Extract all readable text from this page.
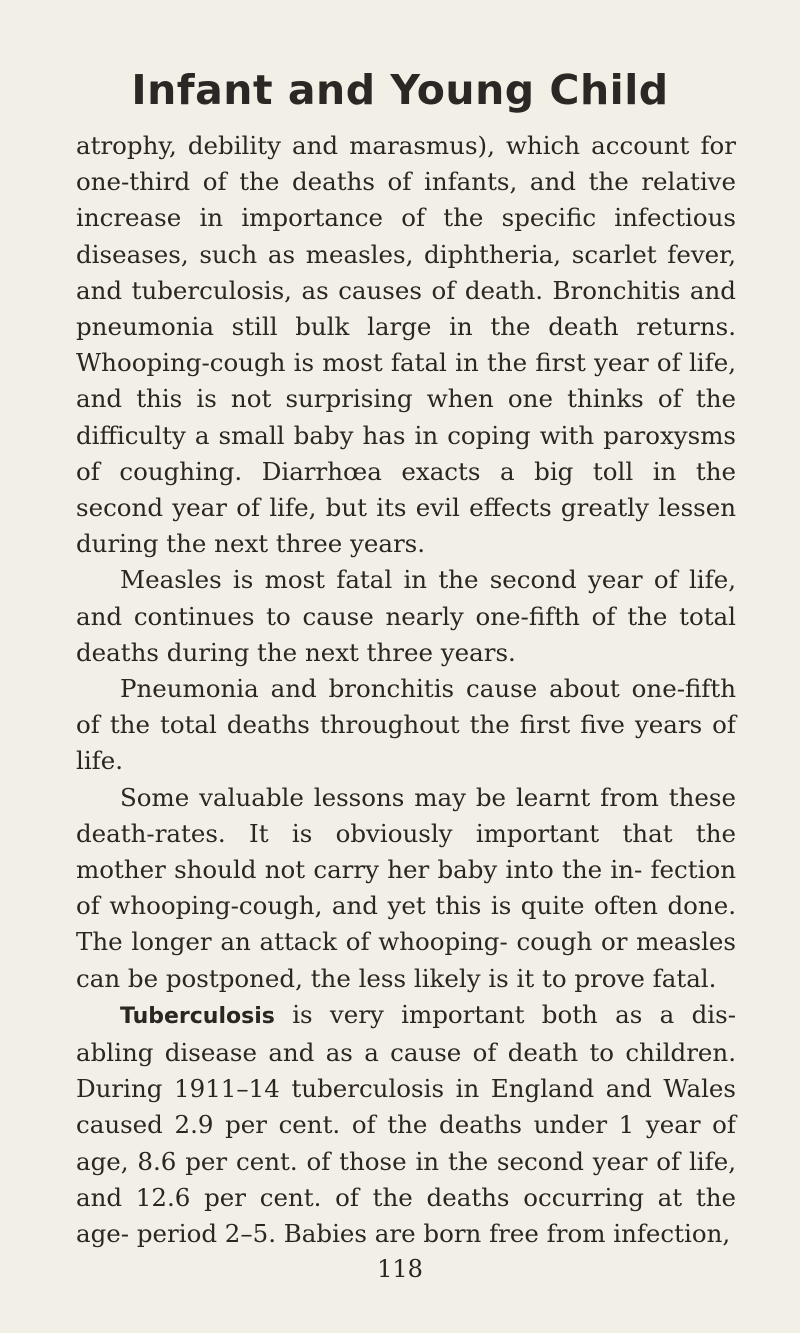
Infant and Young Child

atrophy, debility and marasmus), which account for one-third of the deaths of infants, and the relative increase in importance of the specific infectious diseases, such as measles, diphtheria, scarlet fever, and tuberculosis, as causes of death. Bronchitis and pneumonia still bulk large in the death returns. Whooping-cough is most fatal in the first year of life, and this is not surprising when one thinks of the difficulty a small baby has in coping with paroxysms of coughing. Diarrhœa exacts a big toll in the second year of life, but its evil effects greatly lessen during the next three years.

Measles is most fatal in the second year of life, and continues to cause nearly one-fifth of the total deaths during the next three years.

Pneumonia and bronchitis cause about one-fifth of the total deaths throughout the first five years of life.

Some valuable lessons may be learnt from these death-rates. It is obviously important that the mother should not carry her baby into the in- fection of whooping-cough, and yet this is quite often done. The longer an attack of whooping- cough or measles can be postponed, the less likely is it to prove fatal.

Tuberculosis is very important both as a dis- abling disease and as a cause of death to children. During 1911–14 tuberculosis in England and Wales caused 2.9 per cent. of the deaths under 1 year of age, 8.6 per cent. of those in the second year of life, and 12.6 per cent. of the deaths occurring at the age- period 2–5. Babies are born free from infection,

118
